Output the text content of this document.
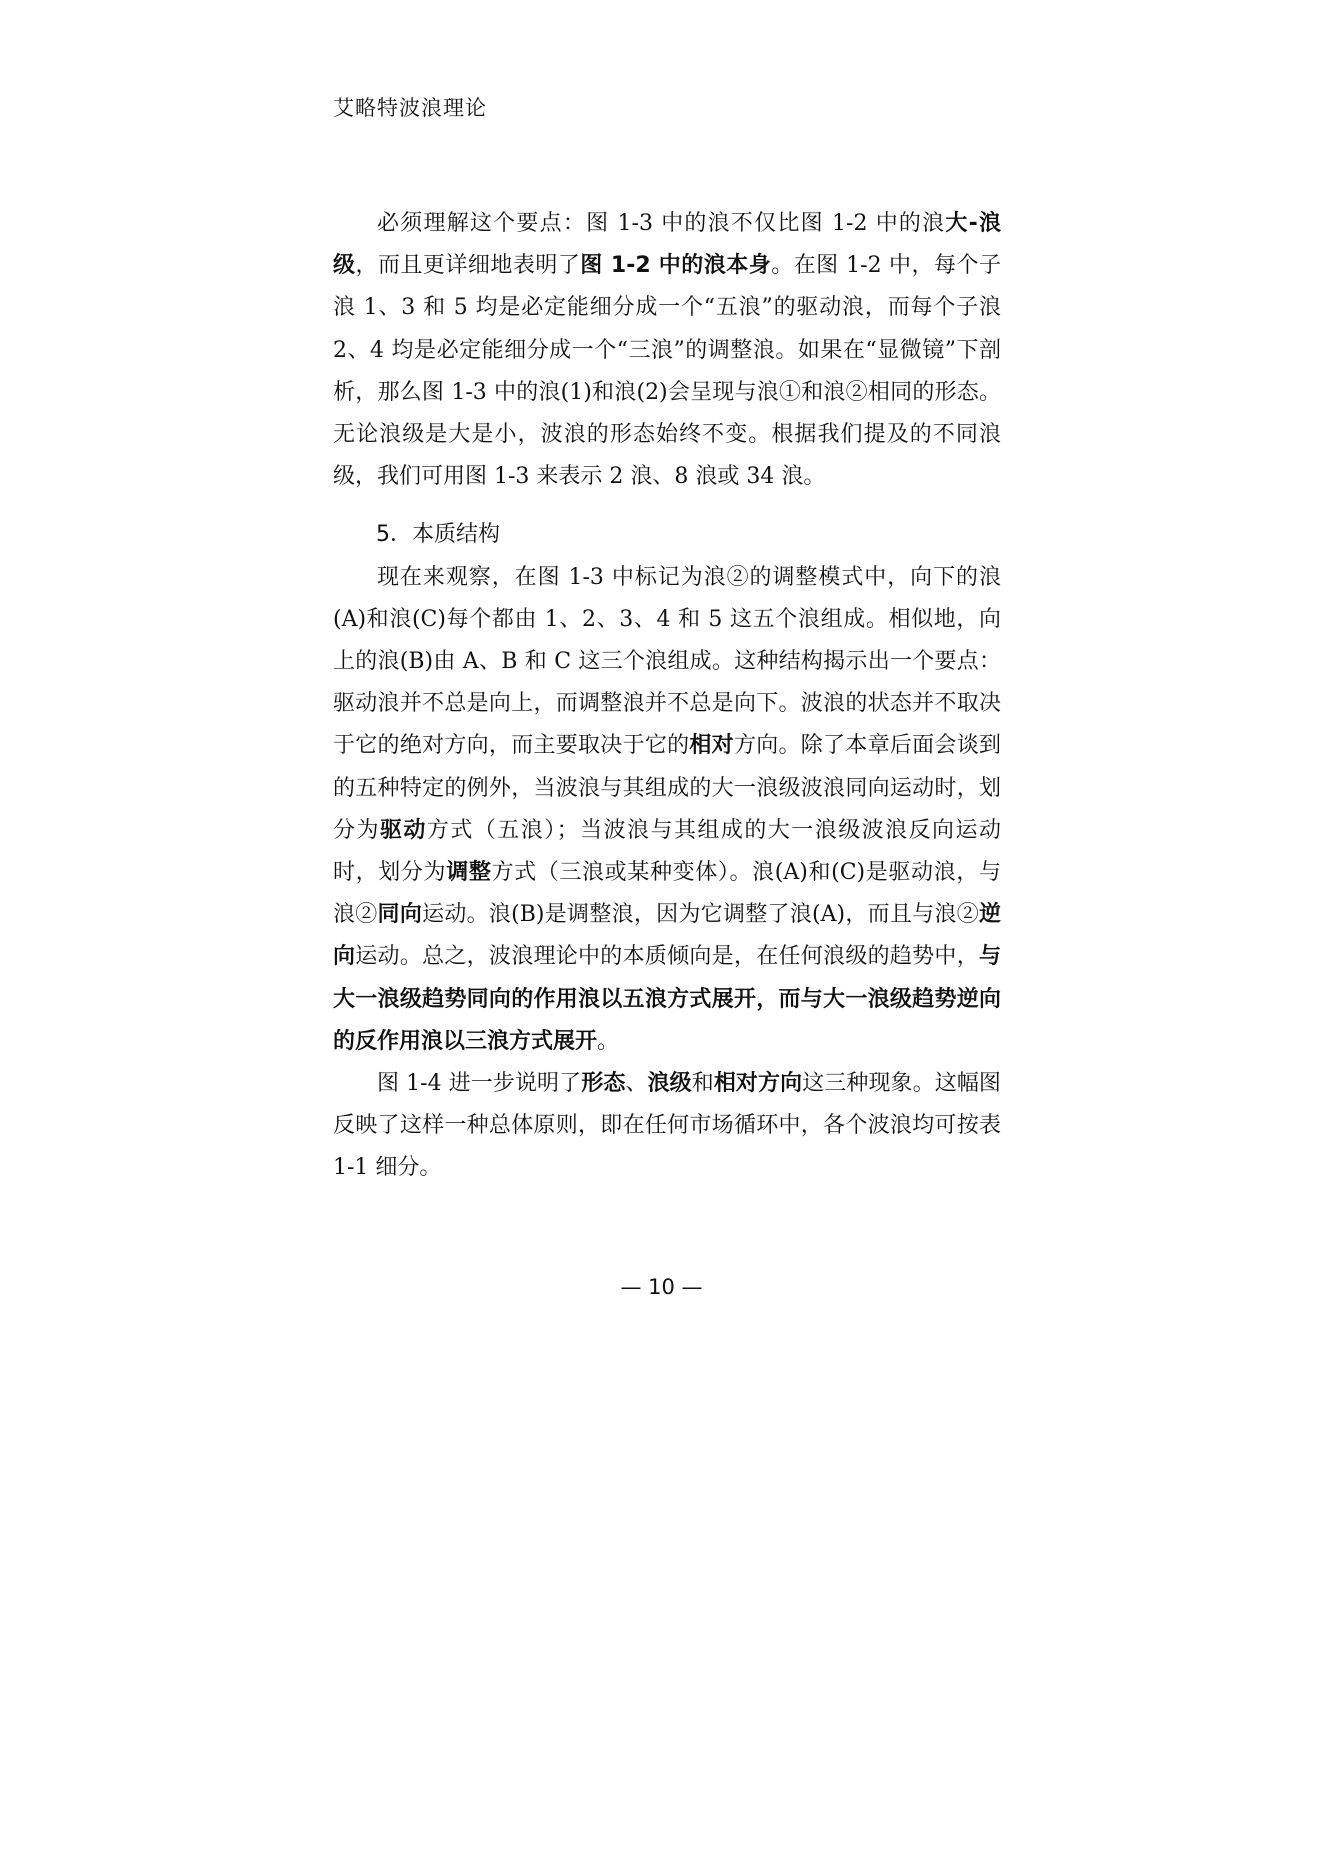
艾略特波浪理论

必须理解这个要点：图 1-3 中的浪不仅比图 1-2 中的浪大-浪级，而且更详细地表明了图 1-2 中的浪本身。在图 1-2 中，每个子浪 1、3 和 5 均是必定能细分成一个“五浪”的驱动浪，而每个子浪 2、4 均是必定能细分成一个“三浪”的调整浪。如果在“显微镜”下剖析，那么图 1-3 中的浪(1)和浪(2)会呈现与浪①和浪②相同的形态。无论浪级是大是小，波浪的形态始终不变。根据我们提及的不同浪级，我们可用图 1-3 来表示 2 浪、8 浪或 34 浪。

5．本质结构

现在来观察，在图 1-3 中标记为浪②的调整模式中，向下的浪(A)和浪(C)每个都由 1、2、3、4 和 5 这五个浪组成。相似地，向上的浪(B)由 A、B 和 C 这三个浪组成。这种结构揭示出一个要点：驱动浪并不总是向上，而调整浪并不总是向下。波浪的状态并不取决于它的绝对方向，而主要取决于它的相对方向。除了本章后面会谈到的五种特定的例外，当波浪与其组成的大一浪级波浪同向运动时，划分为驱动方式（五浪）；当波浪与其组成的大一浪级波浪反向运动时，划分为调整方式（三浪或某种变体）。浪(A)和(C)是驱动浪，与浪②同向运动。浪(B)是调整浪，因为它调整了浪(A)，而且与浪②逆向运动。总之，波浪理论中的本质倾向是，在任何浪级的趋势中，与大一浪级趋势同向的作用浪以五浪方式展开，而与大一浪级趋势逆向的反作用浪以三浪方式展开。

图 1-4 进一步说明了形态、浪级和相对方向这三种现象。这幅图反映了这样一种总体原则，即在任何市场循环中，各个波浪均可按表 1-1 细分。

— 10 —
